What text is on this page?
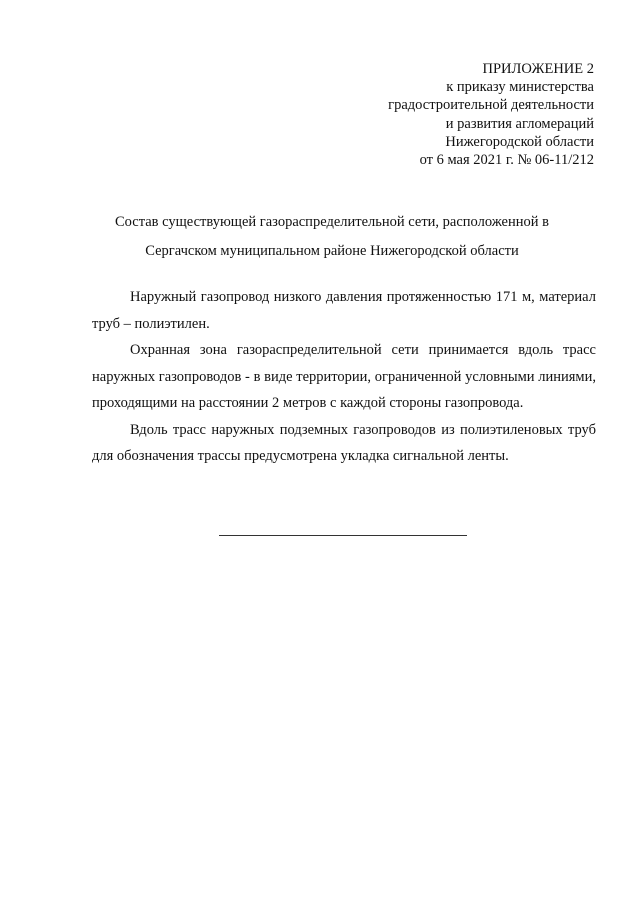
ПРИЛОЖЕНИЕ 2
к приказу министерства
градостроительной деятельности
и развития агломераций
Нижегородской области
от 6 мая 2021 г. № 06-11/212
Состав существующей газораспределительной сети, расположенной в
Сергачском муниципальном районе Нижегородской области

Наружный газопровод низкого давления протяженностью 171 м, материал труб – полиэтилен.

Охранная зона газораспределительной сети принимается вдоль трасс наружных газопроводов - в виде территории, ограниченной условными линиями, проходящими на расстоянии 2 метров с каждой стороны газопровода.

Вдоль трасс наружных подземных газопроводов из полиэтиленовых труб для обозначения трассы предусмотрена укладка сигнальной ленты.
